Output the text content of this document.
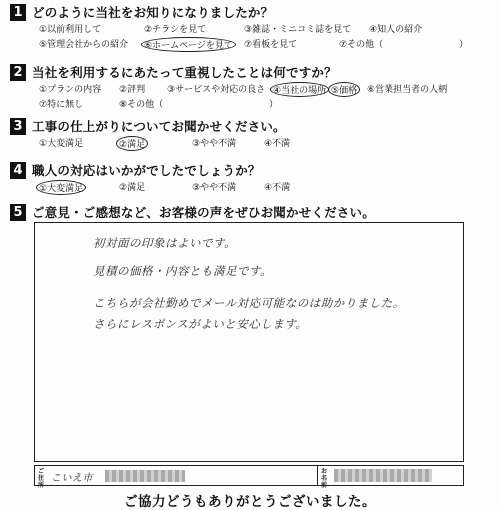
1 どのように当社をお知りになりましたか？
①以前利用して	②チラシを見て	③雑誌・ミニコミ誌を見て ④知人の紹介
⑤管理会社からの紹介	⑥ホームページを見て	⑦看板を見て	⑦その他（	）
2 当社を利用するにあたって重視したことは何ですか？
①プランの内容 ②評判 ③サービスや対応の良さ ④当社の場所 ⑤価格	⑥営業担当者の人柄
⑦特に無し	⑧その他（	）
3 工事の仕上がりについてお聞かせください。
①大変満足	②満足	③やや不満	④不満
4 職人の対応はいかがでしたでしょうか？
①大変満足	②満足	③やや不満	④不満
5 ご意見・ご感想など、お客様の声をぜひお聞かせください。
初対面の印象はよいです。
見積の価格・内容とも満足です。
こちらが会社勤めでメール対応可能なのは助かりました。
さらにレスポンスがよいと安心します。
ご住所
こいえ市
お名前
ご協力どうもありがとうございました。
